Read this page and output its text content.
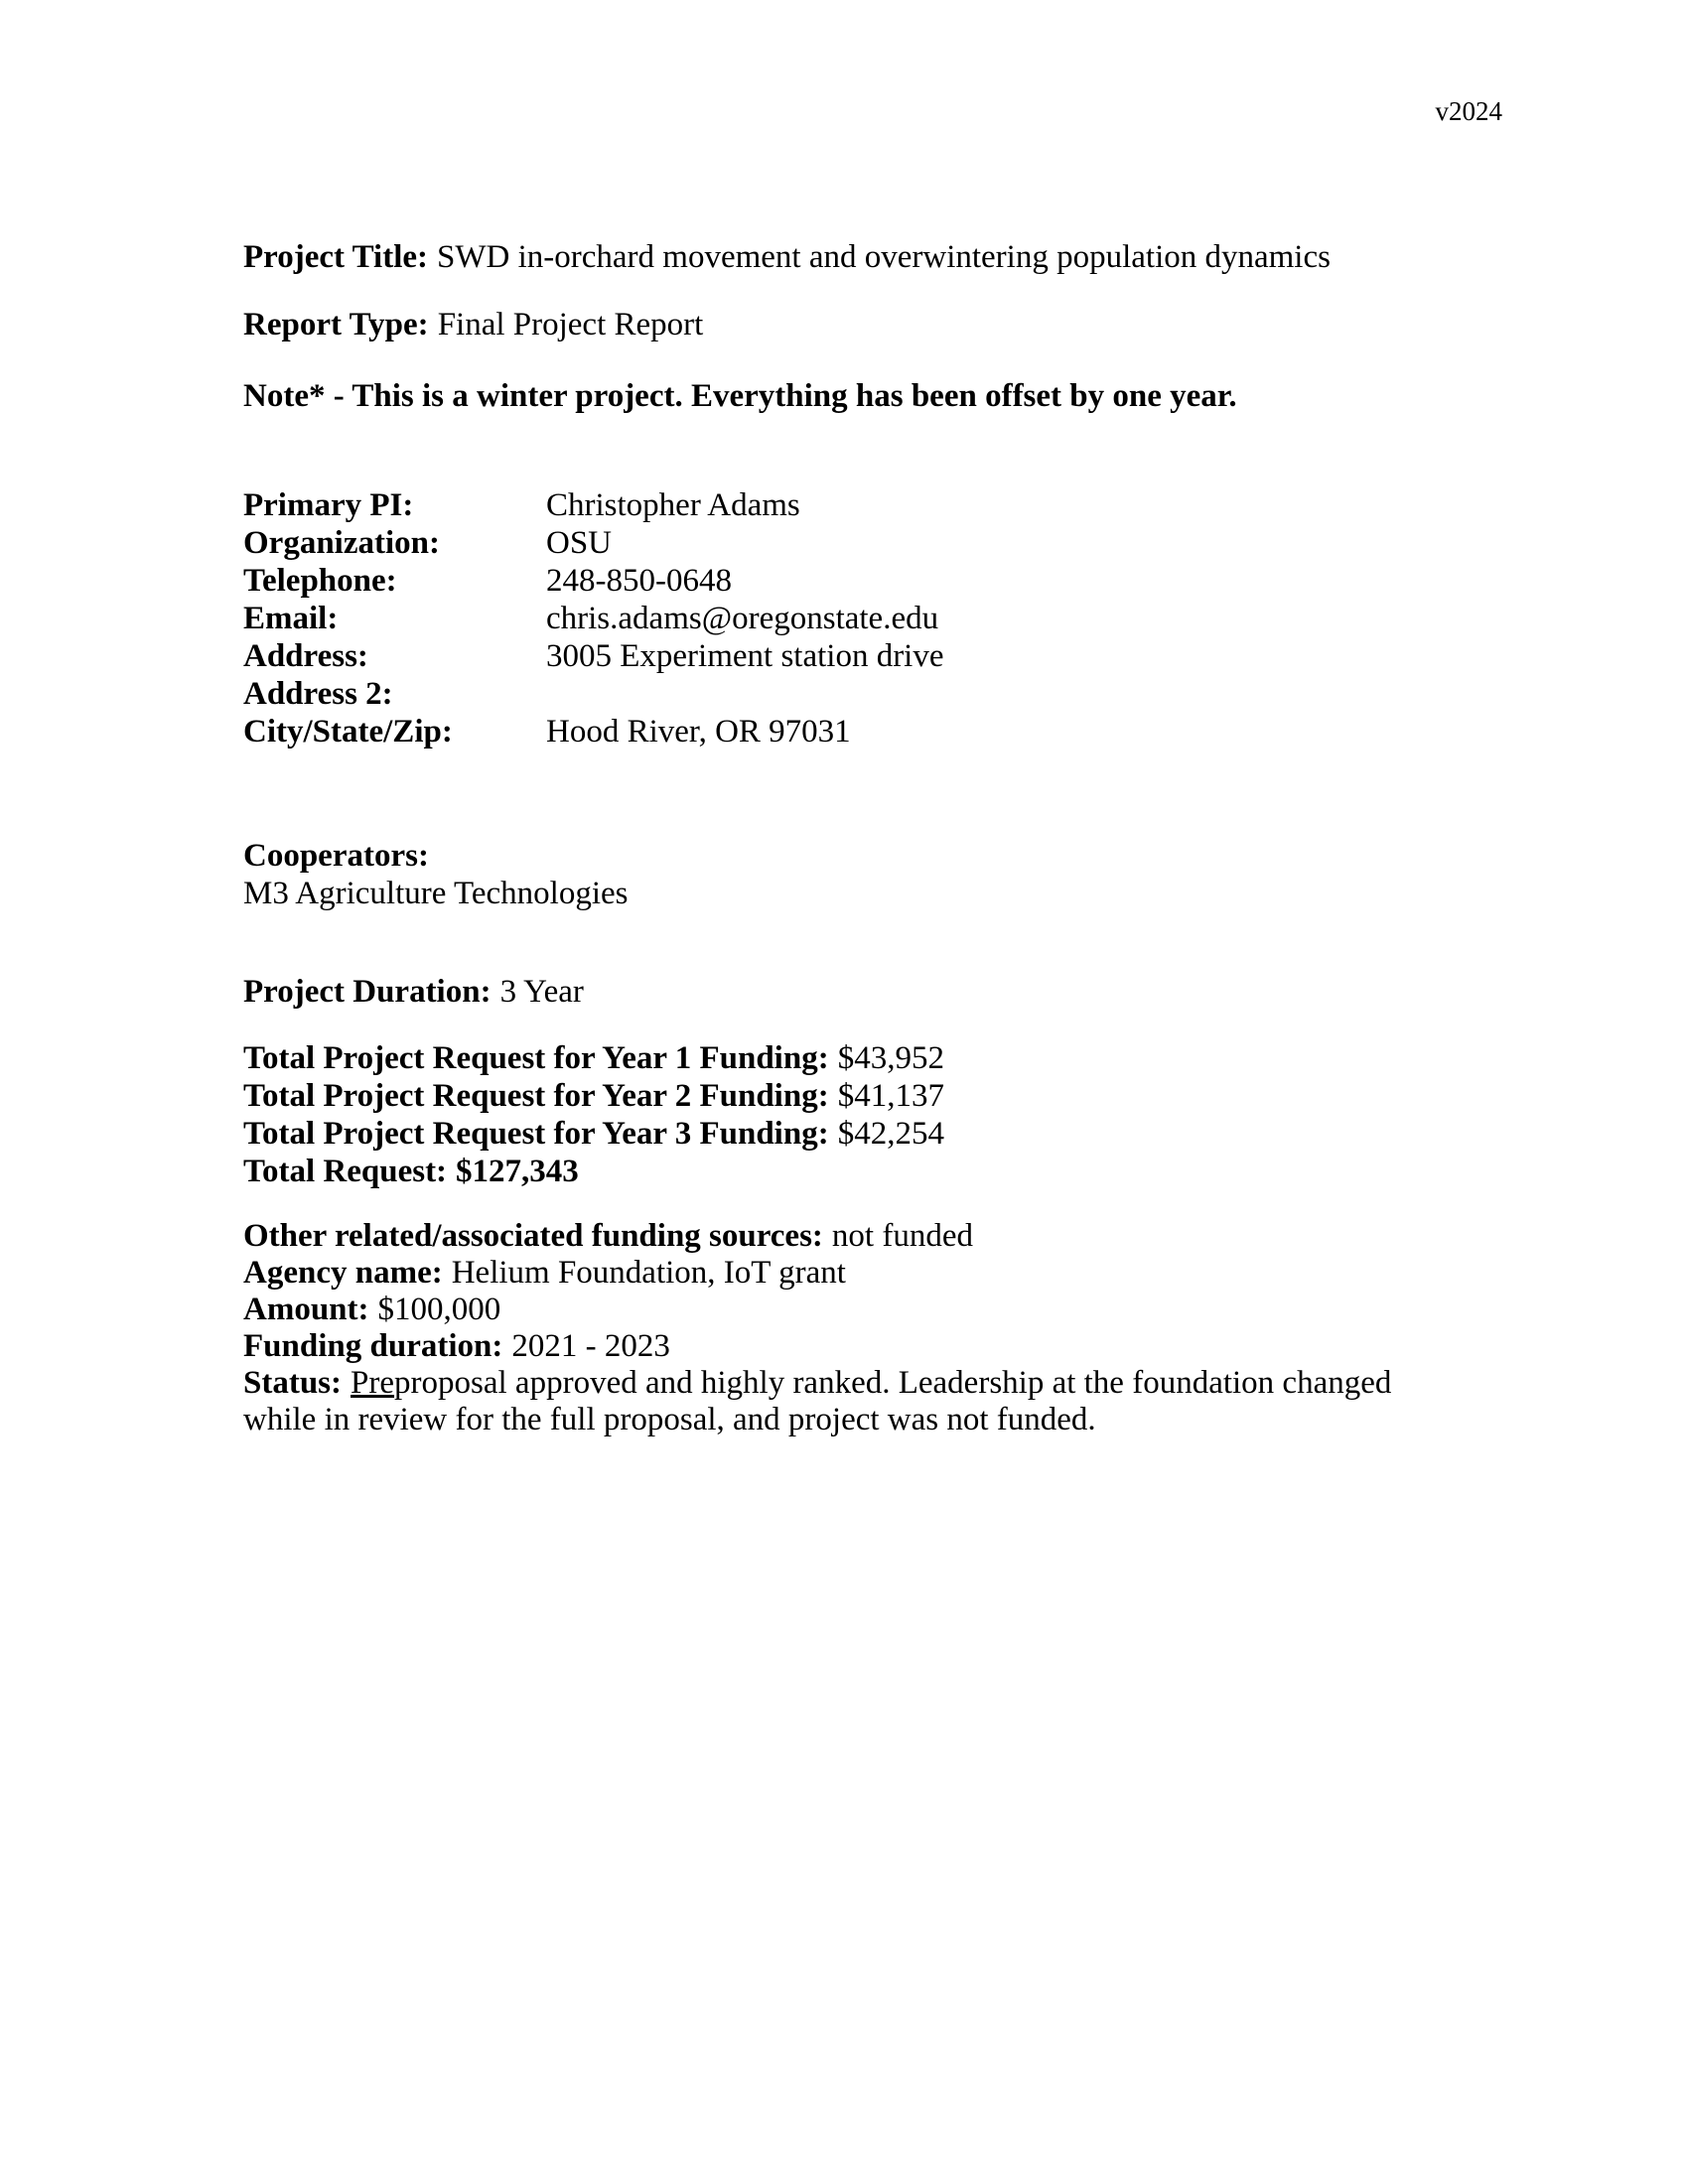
v2024

Project Title: SWD in-orchard movement and overwintering population dynamics

Report Type: Final Project Report

Note* - This is a winter project. Everything has been offset by one year.

Primary PI:	Christopher Adams
Organization:	OSU
Telephone:	248-850-0648
Email:	chris.adams@oregonstate.edu
Address:	3005 Experiment station drive
Address 2:
City/State/Zip:	Hood River, OR 97031

Cooperators:

M3 Agriculture Technologies

Project Duration: 3 Year

Total Project Request for Year 1 Funding: $43,952

Total Project Request for Year 2 Funding: $41,137

Total Project Request for Year 3 Funding: $42,254

Total Request: $127,343

Other related/associated funding sources: not funded

Agency name: Helium Foundation, IoT grant

Amount: $100,000

Funding duration: 2021 - 2023

Status: Preproposal approved and highly ranked. Leadership at the foundation changed while in review for the full proposal, and project was not funded.
